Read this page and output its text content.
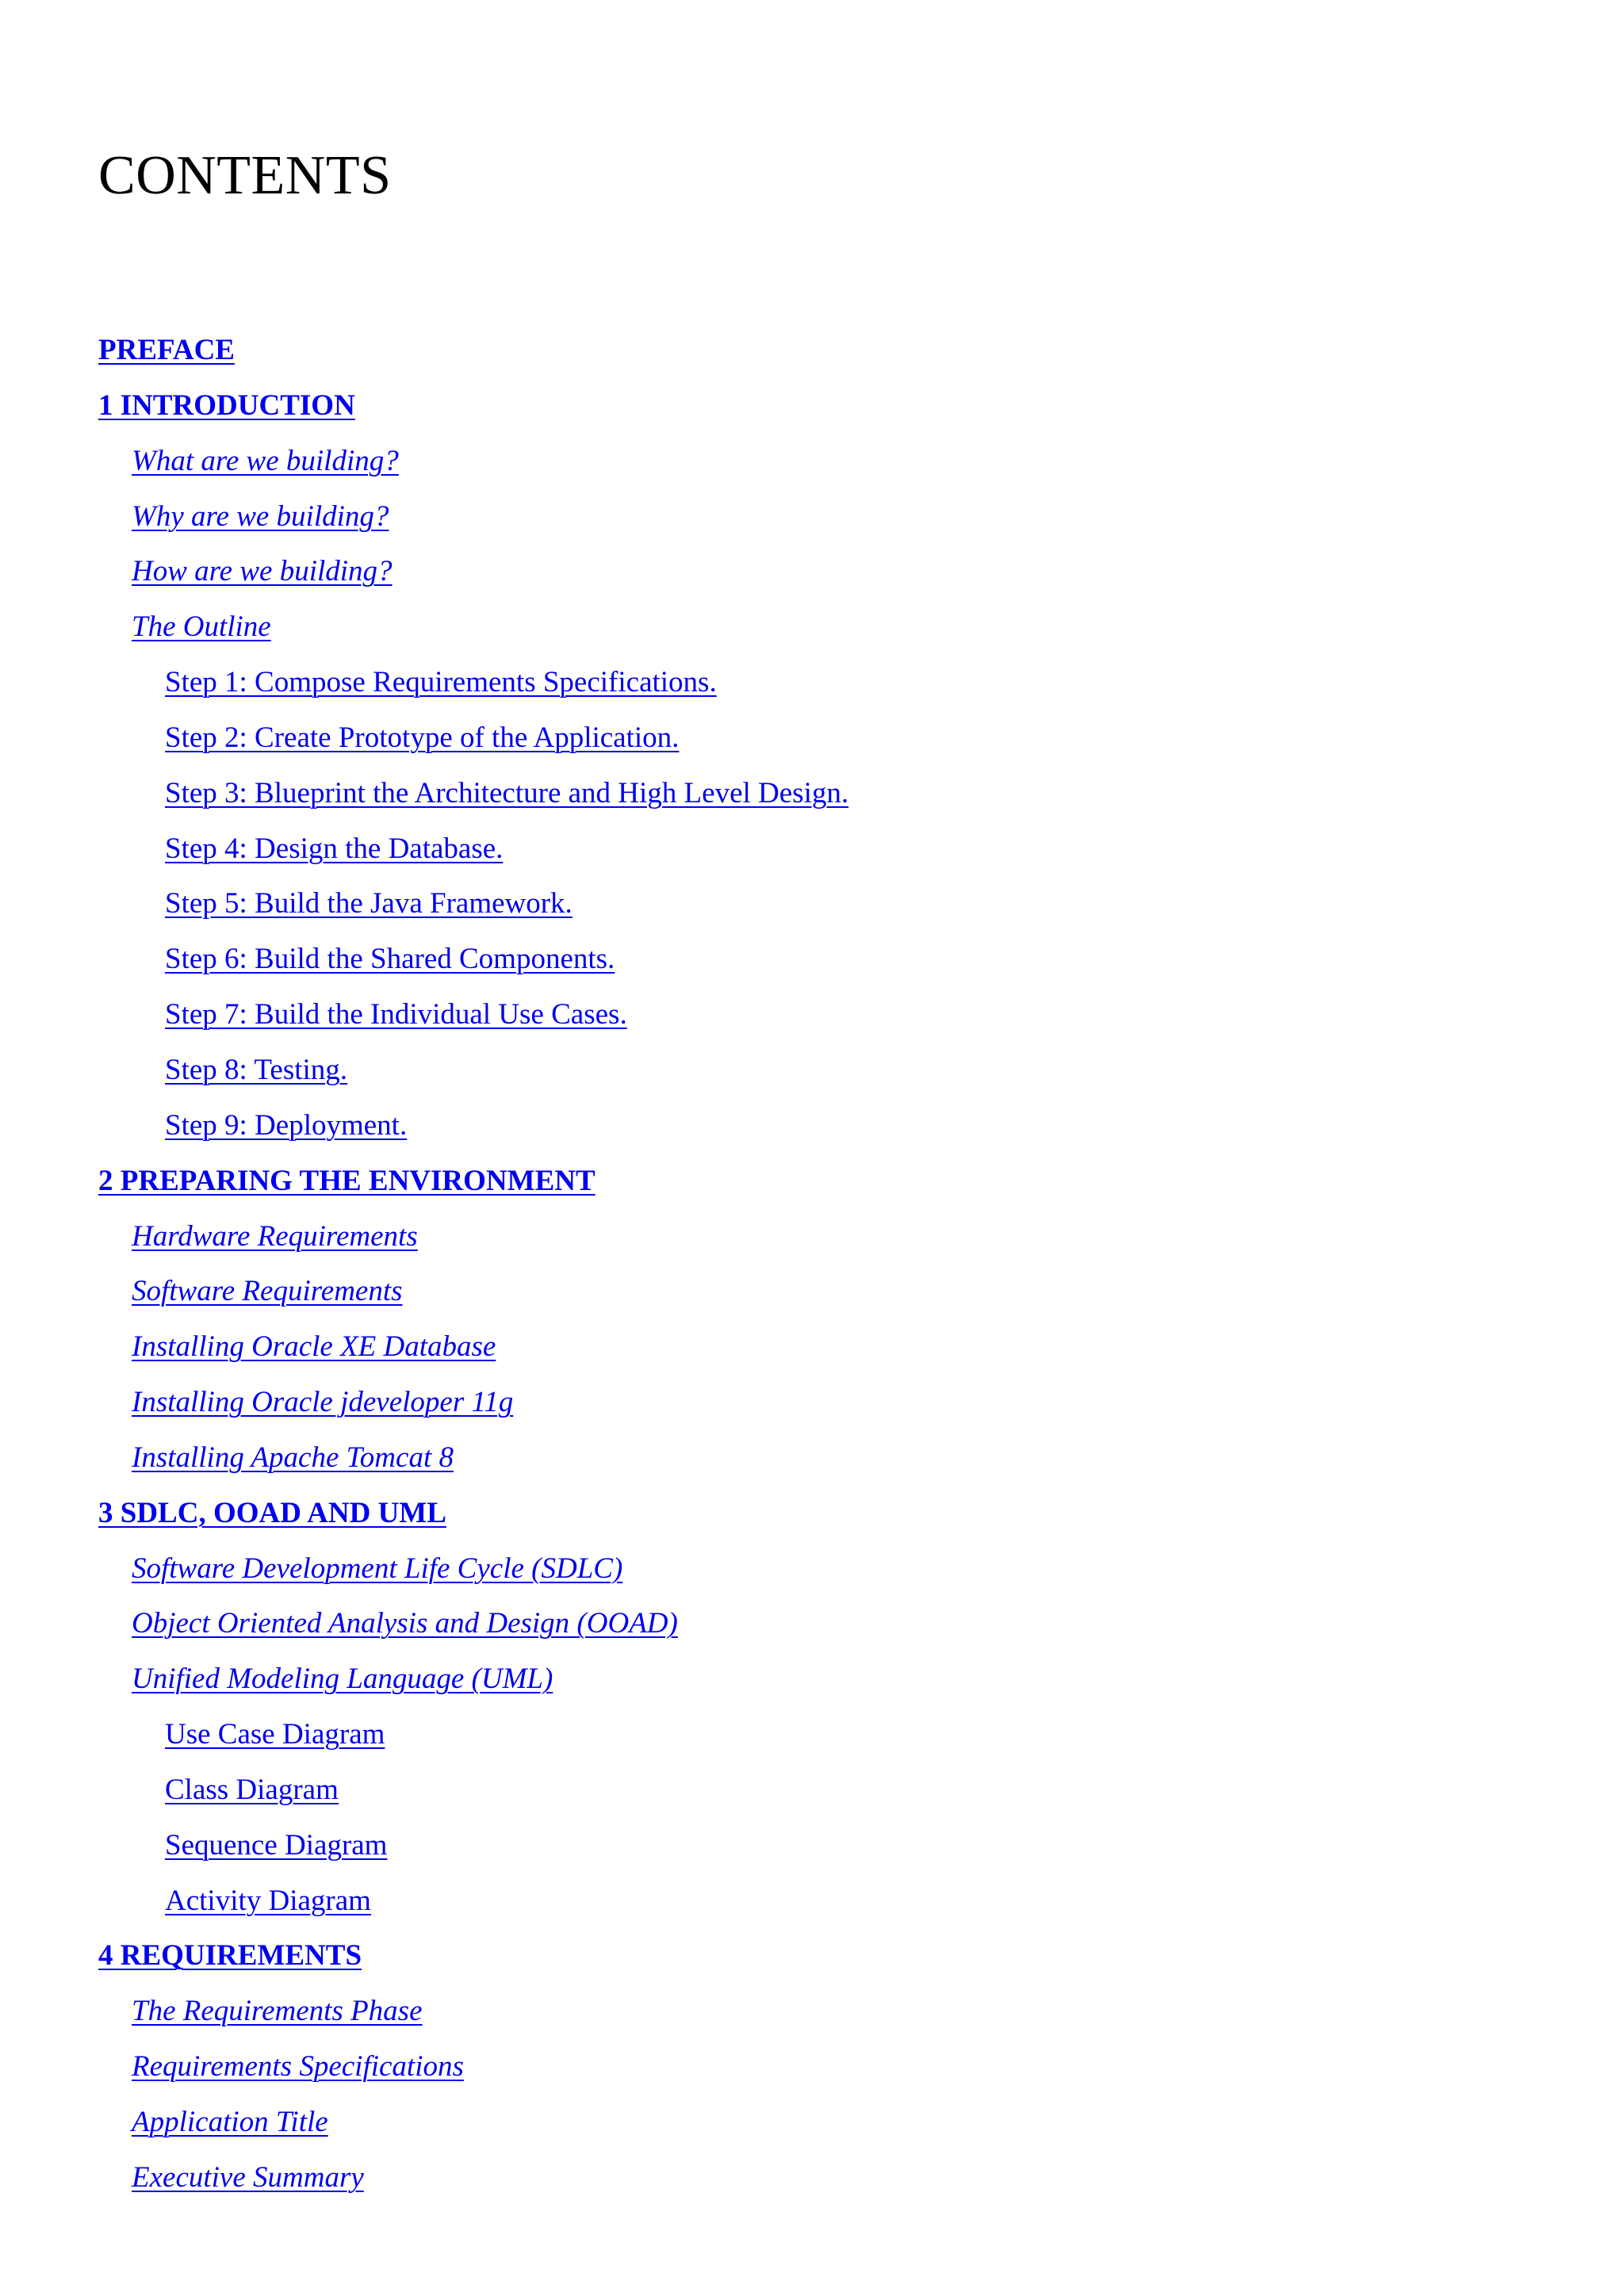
CONTENTS
PREFACE
1 INTRODUCTION
What are we building?
Why are we building?
How are we building?
The Outline
Step 1: Compose Requirements Specifications.
Step 2: Create Prototype of the Application.
Step 3: Blueprint the Architecture and High Level Design.
Step 4: Design the Database.
Step 5: Build the Java Framework.
Step 6: Build the Shared Components.
Step 7: Build the Individual Use Cases.
Step 8: Testing.
Step 9: Deployment.
2 PREPARING THE ENVIRONMENT
Hardware Requirements
Software Requirements
Installing Oracle XE Database
Installing Oracle jdeveloper 11g
Installing Apache Tomcat 8
3 SDLC, OOAD AND UML
Software Development Life Cycle (SDLC)
Object Oriented Analysis and Design (OOAD)
Unified Modeling Language (UML)
Use Case Diagram
Class Diagram
Sequence Diagram
Activity Diagram
4 REQUIREMENTS
The Requirements Phase
Requirements Specifications
Application Title
Executive Summary
